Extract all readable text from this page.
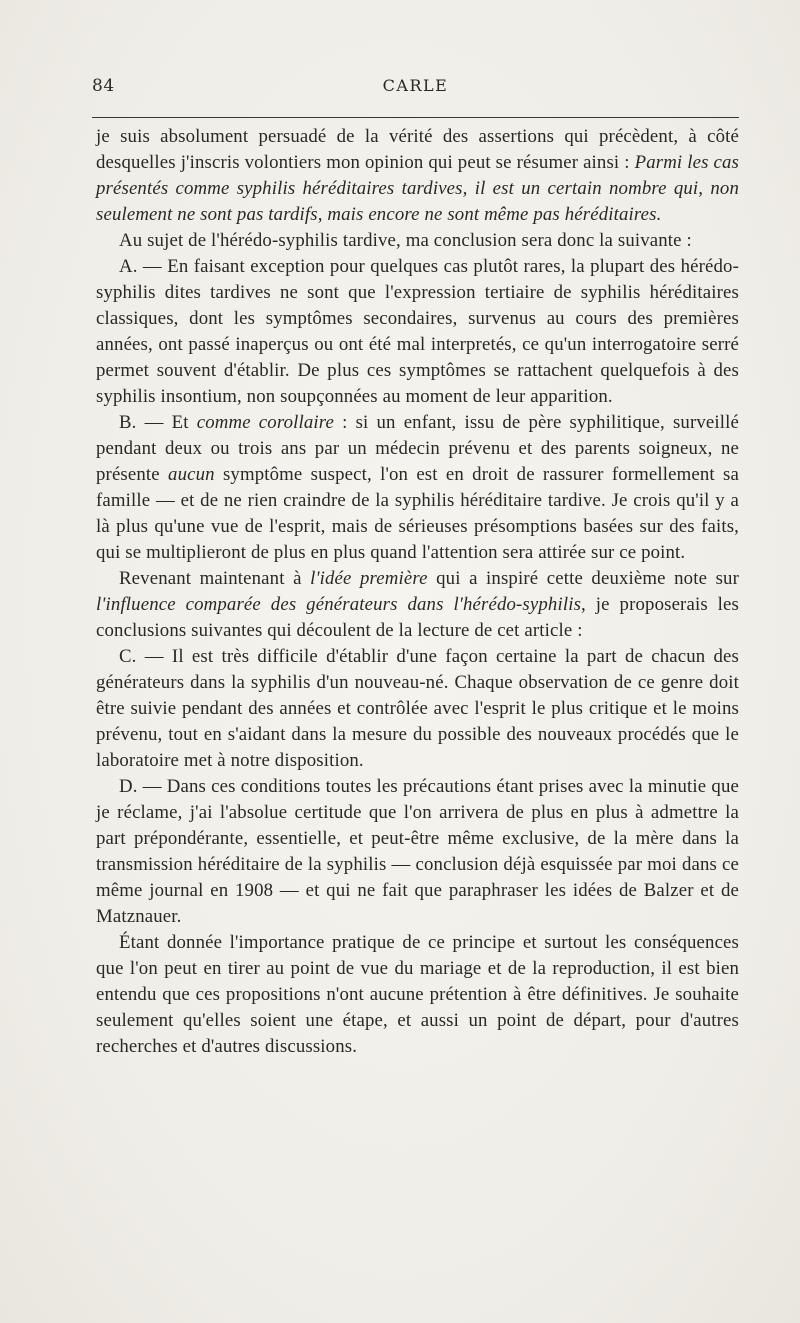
84	CARLE

je suis absolument persuadé de la vérité des assertions qui précèdent, à côté desquelles j'inscris volontiers mon opinion qui peut se résumer ainsi : Parmi les cas présentés comme syphilis héréditaires tardives, il est un certain nombre qui, non seulement ne sont pas tardifs, mais encore ne sont même pas héréditaires.

Au sujet de l'hérédo-syphilis tardive, ma conclusion sera donc la suivante :

A. — En faisant exception pour quelques cas plutôt rares, la plupart des hérédo-syphilis dites tardives ne sont que l'expression tertiaire de syphilis héréditaires classiques, dont les symptômes secondaires, survenus au cours des premières années, ont passé inaperçus ou ont été mal interpretés, ce qu'un interrogatoire serré permet souvent d'établir. De plus ces symptômes se rattachent quelquefois à des syphilis insontium, non soupçonnées au moment de leur apparition.

B. — Et comme corollaire : si un enfant, issu de père syphilitique, surveillé pendant deux ou trois ans par un médecin prévenu et des parents soigneux, ne présente aucun symptôme suspect, l'on est en droit de rassurer formellement sa famille — et de ne rien craindre de la syphilis héréditaire tardive. Je crois qu'il y a là plus qu'une vue de l'esprit, mais de sérieuses présomptions basées sur des faits, qui se multiplieront de plus en plus quand l'attention sera attirée sur ce point.

Revenant maintenant à l'idée première qui a inspiré cette deuxième note sur l'influence comparée des générateurs dans l'hérédo-syphilis, je proposerais les conclusions suivantes qui découlent de la lecture de cet article :

C. — Il est très difficile d'établir d'une façon certaine la part de chacun des générateurs dans la syphilis d'un nouveau-né. Chaque observation de ce genre doit être suivie pendant des années et contrôlée avec l'esprit le plus critique et le moins prévenu, tout en s'aidant dans la mesure du possible des nouveaux procédés que le laboratoire met à notre disposition.

D. — Dans ces conditions toutes les précautions étant prises avec la minutie que je réclame, j'ai l'absolue certitude que l'on arrivera de plus en plus à admettre la part prépondérante, essentielle, et peut-être même exclusive, de la mère dans la transmission héréditaire de la syphilis — conclusion déjà esquissée par moi dans ce même journal en 1908 — et qui ne fait que paraphraser les idées de Balzer et de Matznauer.

Étant donnée l'importance pratique de ce principe et surtout les conséquences que l'on peut en tirer au point de vue du mariage et de la reproduction, il est bien entendu que ces propositions n'ont aucune prétention à être définitives. Je souhaite seulement qu'elles soient une étape, et aussi un point de départ, pour d'autres recherches et d'autres discussions.
